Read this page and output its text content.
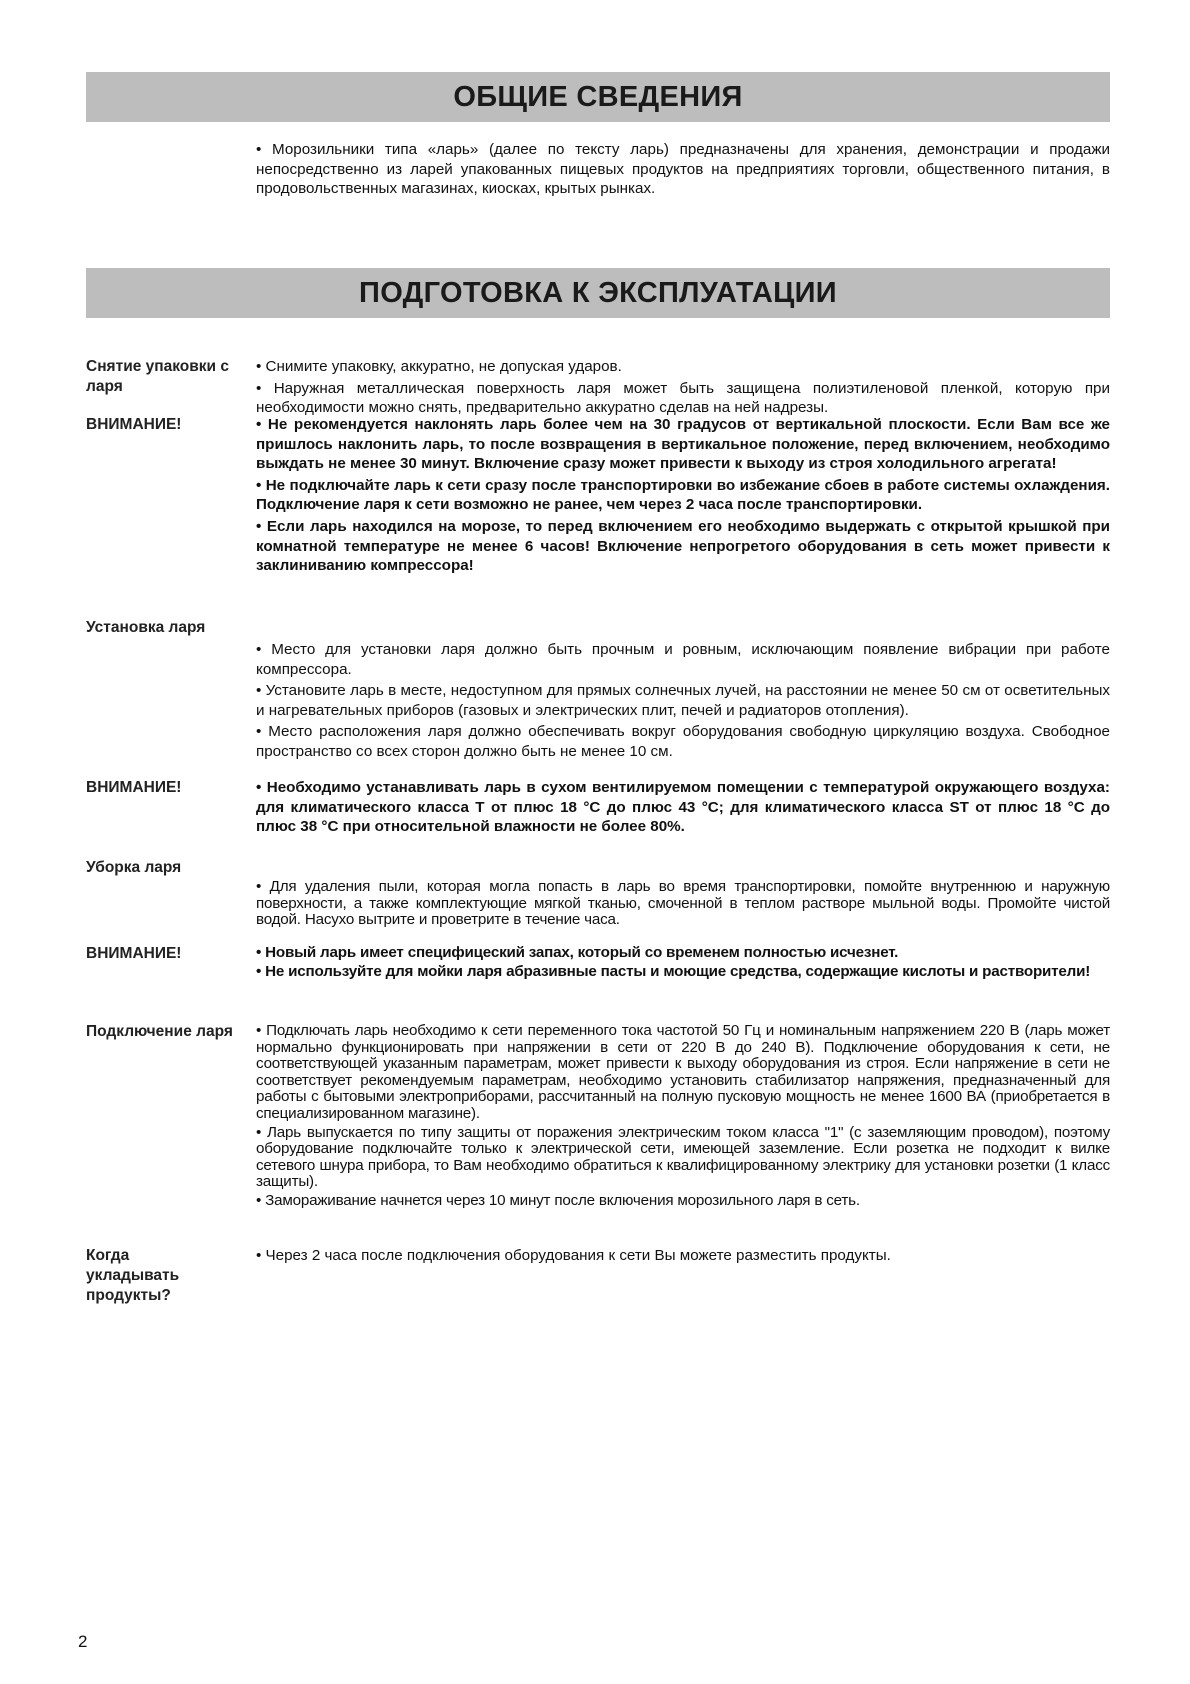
ОБЩИЕ СВЕДЕНИЯ

• Морозильники типа «ларь» (далее по тексту ларь) предназначены для хранения, демонстрации и продажи непосредственно из ларей упакованных пищевых продуктов на предприятиях торговли, общественного питания, в продовольственных магазинах, киосках, крытых рынках.

ПОДГОТОВКА К ЭКСПЛУАТАЦИИ
Снятие упаковки с ларя

• Снимите упаковку, аккуратно, не допуская ударов.

• Наружная металлическая поверхность ларя может быть защищена полиэтиленовой пленкой, которую при необходимости можно снять, предварительно аккуратно сделав на ней надрезы.

ВНИМАНИЕ!	• Не рекомендуется наклонять ларь более чем на 30 градусов от вертикальной плоскости. Если Вам все же пришлось наклонить ларь, то после возвращения в вертикальное положение, перед включением, необходимо выждать не менее 30 минут. Включение сразу может привести к выходу из строя холодильного агрегата!

• Не подключайте ларь к сети сразу после транспортировки во избежание сбоев в работе системы охлаждения. Подключение ларя к сети возможно не ранее, чем через 2 часа после транспортировки.

• Если ларь находился на морозе, то перед включением его необходимо выдержать с открытой крышкой при комнатной температуре не менее 6 часов! Включение непрогретого оборудования в сеть может привести к заклиниванию компрессора!

Установка ларя

• Место для установки ларя должно быть прочным и ровным, исключающим появление вибрации при работе компрессора.

• Установите ларь в месте, недоступном для прямых солнечных лучей, на расстоянии не менее 50 см от осветительных и нагревательных приборов (газовых и электрических плит, печей и радиаторов отопления).

• Место расположения ларя должно обеспечивать вокруг оборудования свободную циркуляцию воздуха. Свободное пространство со всех сторон должно быть не менее 10 см.

ВНИМАНИЕ!	• Необходимо устанавливать ларь в сухом вентилируемом помещении с температурой окружающего воздуха: для климатического класса T от плюс 18 °С до плюс 43 °С; для климатического класса ST от плюс 18 °С до плюс 38 °С при относительной влажности не более 80%.

Уборка ларя

• Для удаления пыли, которая могла попасть в ларь во время транспортировки, помойте внутреннюю и наружную поверхности, а также комплектующие мягкой тканью, смоченной в теплом растворе мыльной воды. Промойте чистой водой. Насухо вытрите и проветрите в течение часа.

ВНИМАНИЕ!	• Новый ларь имеет специфицеский запах, который со временем полностью исчезнет.

• Не используйте для мойки ларя абразивные пасты и моющие средства, содержащие кислоты и растворители!

Подключение ларя	• Подключать ларь необходимо к сети переменного тока частотой 50 Гц и номинальным напряжением 220 В (ларь может нормально функционировать при напряжении в сети от 220 В до 240 В). Подключение оборудования к сети, не соответствующей указанным параметрам, может привести к выходу оборудования из строя. Если напряжение в сети не соответствует рекомендуемым параметрам, необходимо установить стабилизатор напряжения, предназначенный для работы с бытовыми электроприборами, рассчитанный на полную пусковую мощность не менее 1600 ВА (приобретается в специализированном магазине).

• Ларь выпускается по типу защиты от поражения электрическим током класса "1" (с заземляющим проводом), поэтому оборудование подключайте только к электрической сети, имеющей заземление. Если розетка не подходит к вилке сетевого шнура прибора, то Вам необходимо обратиться к квалифицированному электрику для установки розетки (1 класс защиты).

• Замораживание начнется через 10 минут после включения морозильного ларя в сеть.

Когда укладывать продукты?

• Через 2 часа после подключения оборудования к сети Вы можете разместить продукты.

2
